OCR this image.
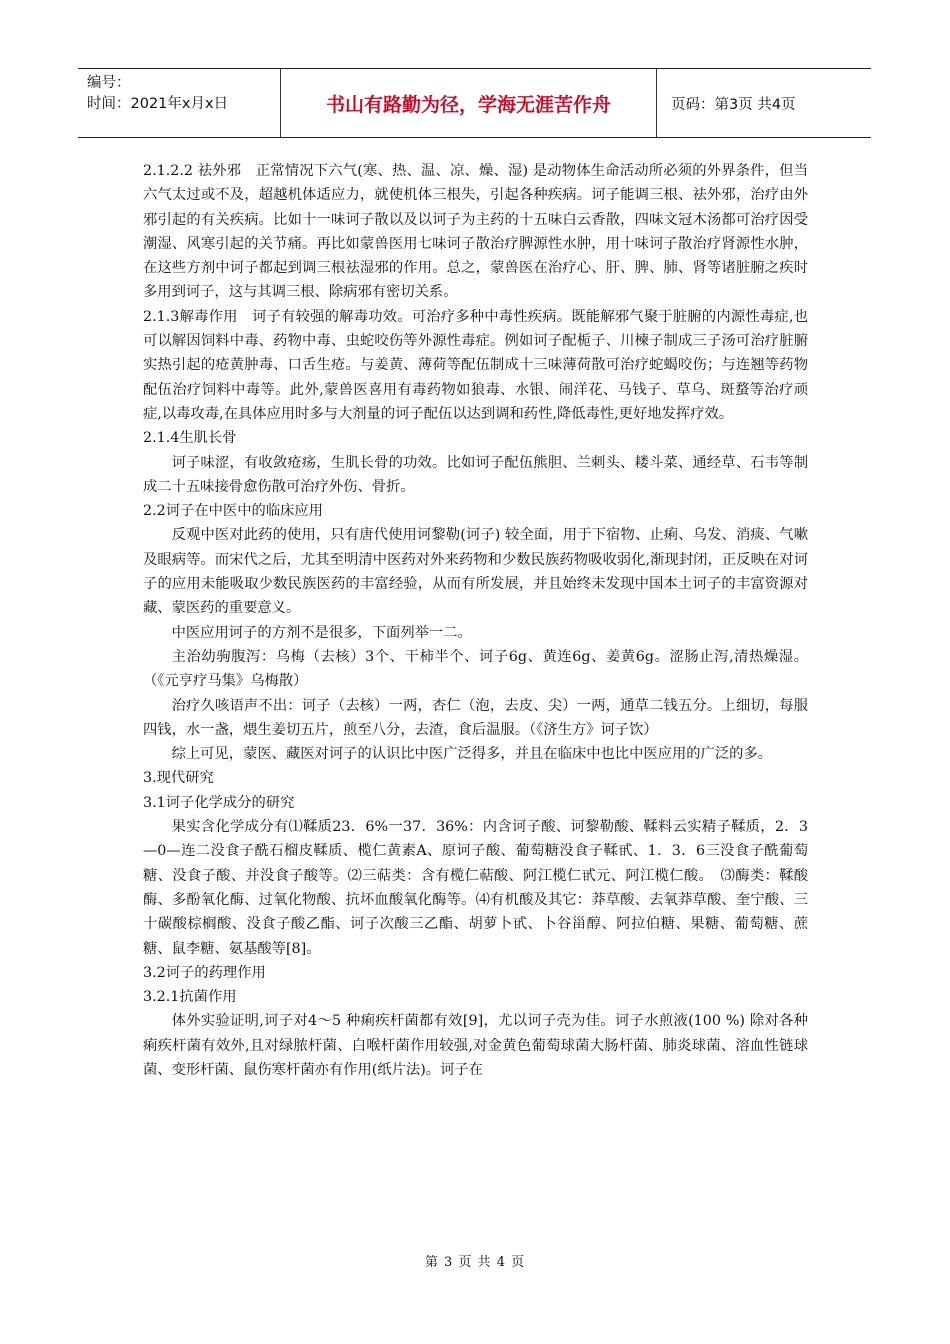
编号：
时间：2021年x月x日	书山有路勤为径，学海无涯苦作舟	页码：第3页 共4页

2.1.2.2 祛外邪　正常情况下六气(寒、热、温、凉、燥、湿) 是动物体生命活动所必须的外界条件，但当六气太过或不及，超越机体适应力，就使机体三根失，引起各种疾病。诃子能调三根、祛外邪，治疗由外邪引起的有关疾病。比如十一味诃子散以及以诃子为主药的十五味白云香散，四味文冠木汤都可治疗因受潮湿、风寒引起的关节痛。再比如蒙兽医用七味诃子散治疗脾源性水肿，用十味诃子散治疗肾源性水肿，在这些方剂中诃子都起到调三根祛湿邪的作用。总之，蒙兽医在治疗心、肝、脾、肺、肾等诸脏腑之疾时多用到诃子，这与其调三根、除病邪有密切关系。

2.1.3解毒作用　诃子有较强的解毒功效。可治疗多种中毒性疾病。既能解邪气聚于脏腑的内源性毒症,也可以解因饲料中毒、药物中毒、虫蛇咬伤等外源性毒症。例如诃子配栀子、川楝子制成三子汤可治疗脏腑实热引起的疮黄肿毒、口舌生疮。与姜黄、薄荷等配伍制成十三味薄荷散可治疗蛇蝎咬伤；与连翘等药物配伍治疗饲料中毒等。此外,蒙兽医喜用有毒药物如狼毒、水银、闹洋花、马钱子、草乌、斑蝥等治疗顽症,以毒攻毒,在具体应用时多与大剂量的诃子配伍以达到调和药性,降低毒性,更好地发挥疗效。

2.1.4生肌长骨

诃子味涩，有收敛疮疡，生肌长骨的功效。比如诃子配伍熊胆、兰刺头、耧斗菜、通经草、石韦等制成二十五味接骨愈伤散可治疗外伤、骨折。

2.2诃子在中医中的临床应用

反观中医对此药的使用，只有唐代使用诃黎勒(诃子) 较全面，用于下宿物、止痢、乌发、消痰、气嗽及眼病等。而宋代之后，尤其至明清中医药对外来药物和少数民族药物吸收弱化,渐现封闭，正反映在对诃子的应用未能吸取少数民族医药的丰富经验，从而有所发展，并且始终未发现中国本土诃子的丰富资源对藏、蒙医药的重要意义。

中医应用诃子的方剂不是很多，下面列举一二。

主治幼驹腹泻：乌梅（去核）3个、干柿半个、诃子6g、黄连6g、姜黄6g。涩肠止泻,清热燥湿。（《元亨疗马集》乌梅散）

治疗久咳语声不出：诃子（去核）一两，杏仁（泡，去皮、尖）一两，通草二钱五分。上细切，每服四钱，水一盏，煨生姜切五片，煎至八分，去渣，食后温服。（《济生方》诃子饮）

综上可见，蒙医、藏医对诃子的认识比中医广泛得多，并且在临床中也比中医应用的广泛的多。

3.现代研究

3.1诃子化学成分的研究

果实含化学成分有⑴鞣质23．6%一37．36%：内含诃子酸、诃黎勒酸、鞣料云实精子鞣质，2．3—0—连二没食子酰石榴皮鞣质、榄仁黄素A、原诃子酸、葡萄糖没食子鞣甙、1．3．6三没食子酰葡萄糖、没食子酸、并没食子酸等。⑵三萜类：含有榄仁萜酸、阿江榄仁甙元、阿江榄仁酸。　⑶酶类：鞣酸酶、多酚氧化酶、过氧化物酸、抗坏血酸氧化酶等。⑷有机酸及其它：莽草酸、去氧莽草酸、奎宁酸、三十碳酸棕榈酸、没食子酸乙酯、诃子次酸三乙酯、胡萝卜甙、卜谷甾醇、阿拉伯糖、果糖、葡萄糖、蔗糖、鼠李糖、氨基酸等[8]。

3.2诃子的药理作用

3.2.1抗菌作用

体外实验证明,诃子对4～5 种痢疾杆菌都有效[9]，尤以诃子壳为佳。诃子水煎液(100 %) 除对各种痢疾杆菌有效外,且对绿脓杆菌、白喉杆菌作用较强,对金黄色葡萄球菌大肠杆菌、肺炎球菌、溶血性链球菌、变形杆菌、鼠伤寒杆菌亦有作用(纸片法)。诃子在

第 3 页 共 4 页
